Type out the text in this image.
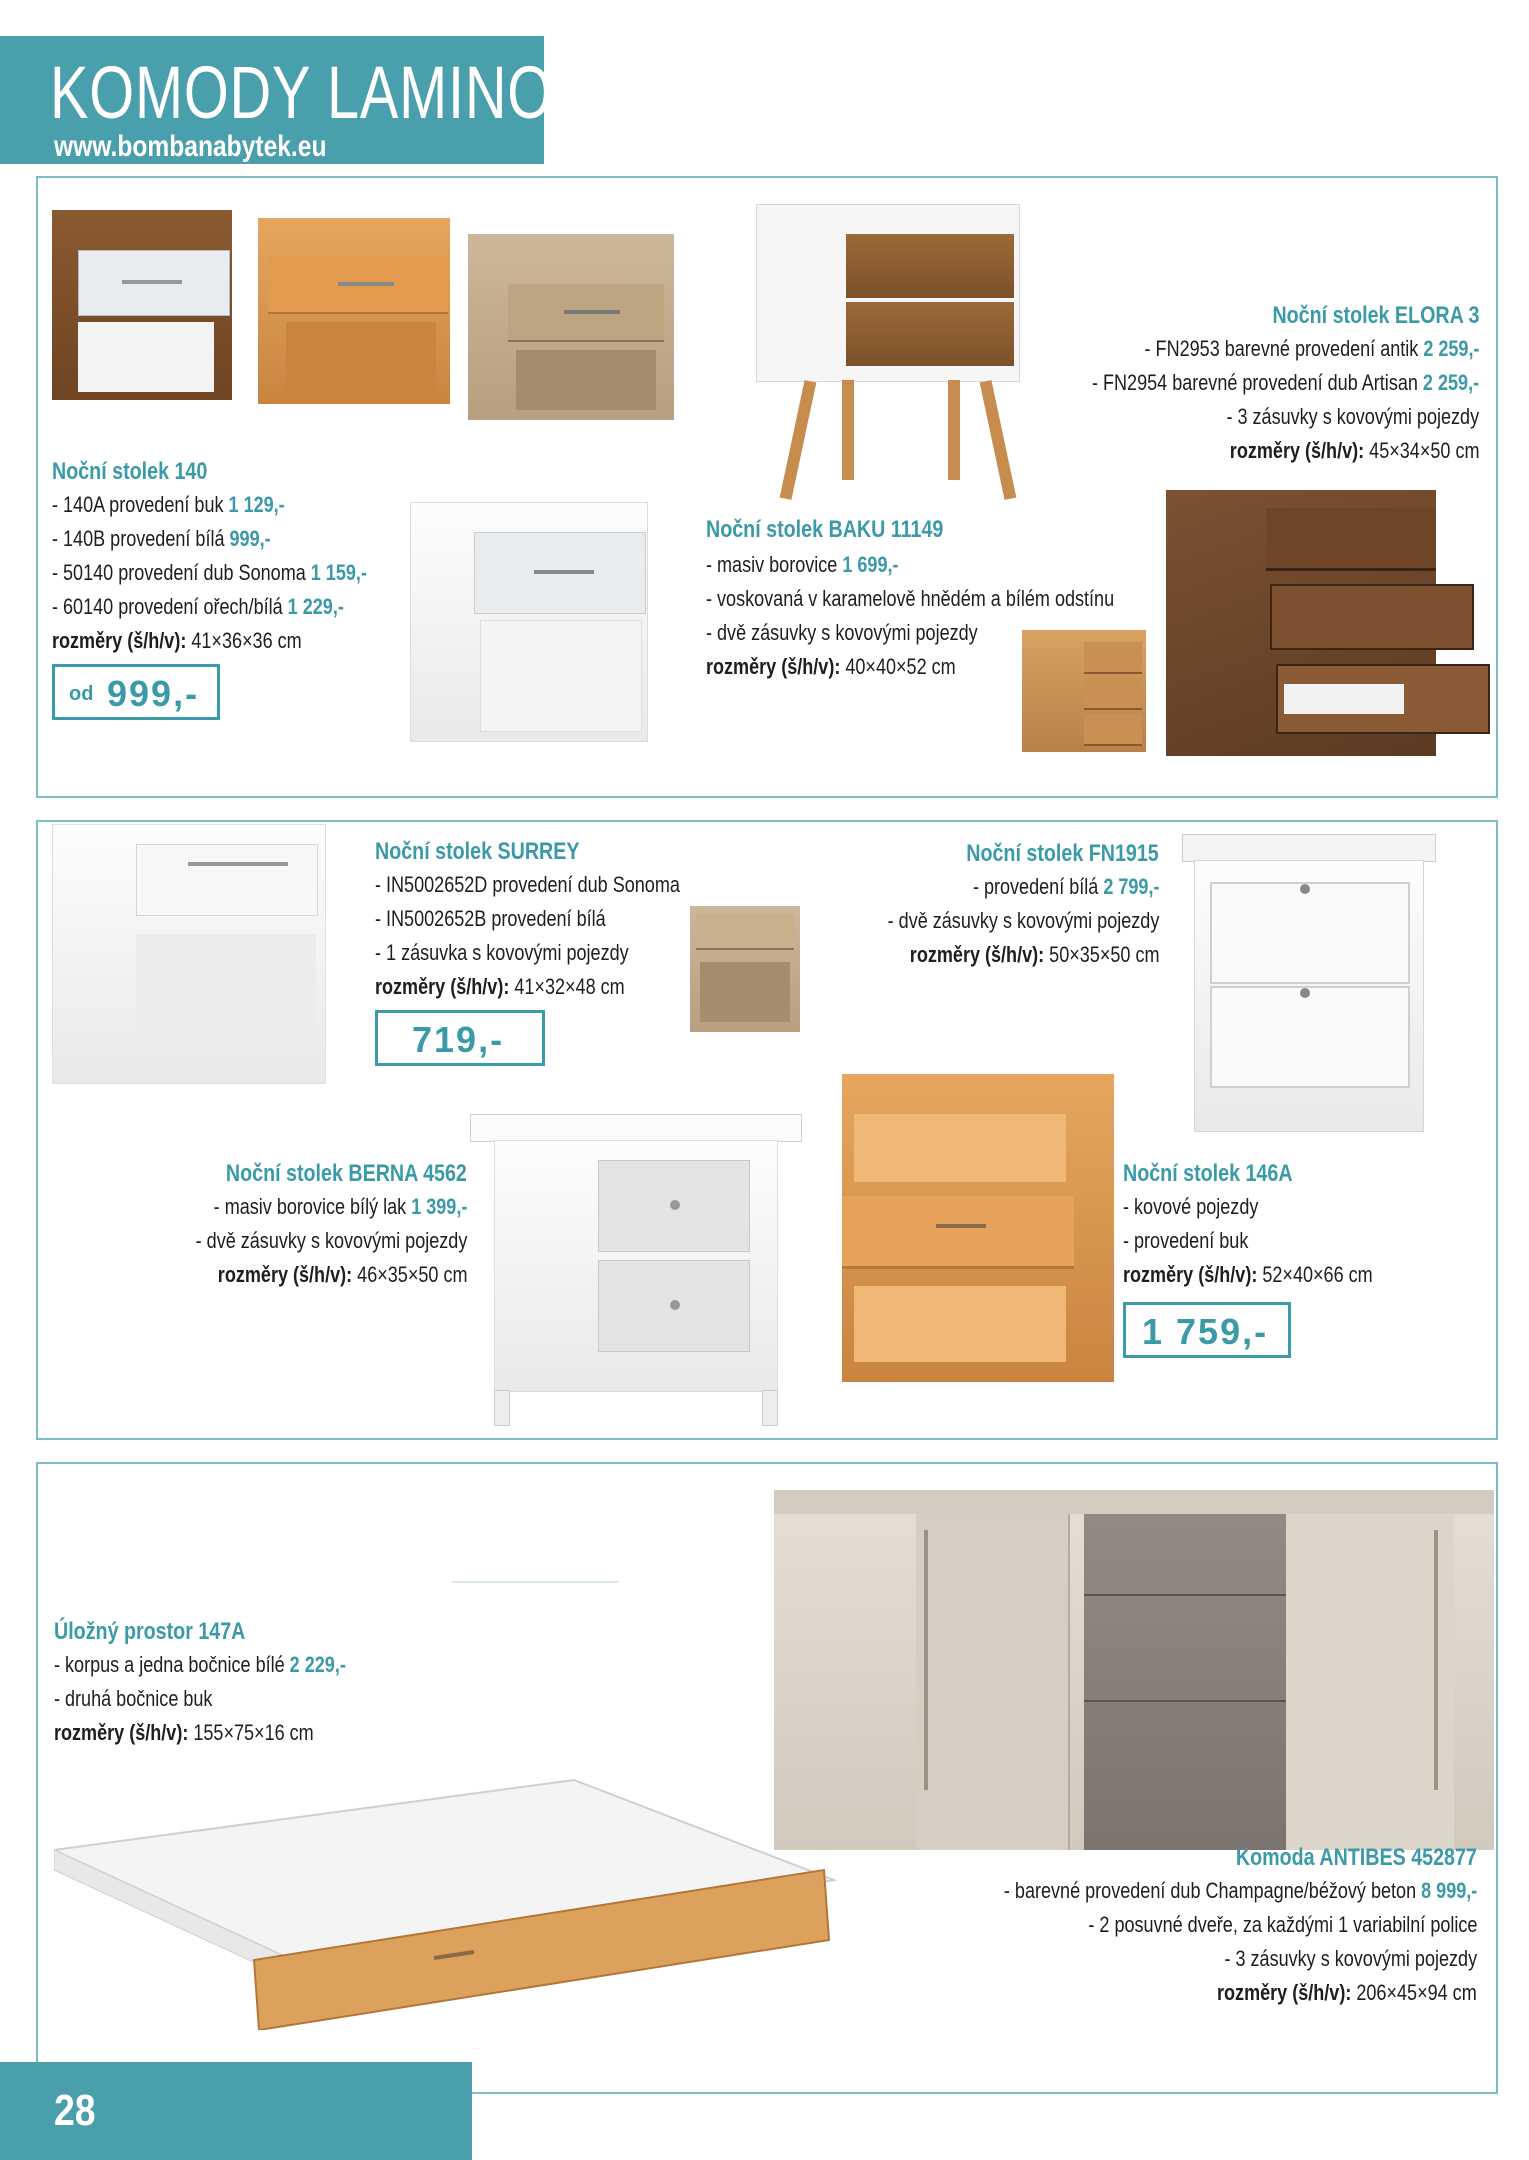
KOMODY LAMINO
www.bombanabytek.eu
Noční stolek 140
- 140A provedení buk 1 129,-
- 140B provedení bílá 999,-
- 50140 provedení dub Sonoma 1 159,-
- 60140 provedení ořech/bílá 1 229,-
rozměry (š/h/v): 41×36×36 cm
od 999,-
Noční stolek BAKU 11149
- masiv borovice 1 699,-
- voskovaná v karamelově hnědém a bílém odstínu
- dvě zásuvky s kovovými pojezdy
rozměry (š/h/v): 40×40×52 cm
Noční stolek ELORA 3
- FN2953 barevné provedení antik 2 259,-
- FN2954 barevné provedení dub Artisan 2 259,-
- 3 zásuvky s kovovými pojezdy
rozměry (š/h/v): 45×34×50 cm
Noční stolek SURREY
- IN5002652D provedení dub Sonoma
- IN5002652B provedení bílá
- 1 zásuvka s kovovými pojezdy
rozměry (š/h/v): 41×32×48 cm
719,-
Noční stolek FN1915
- provedení bílá 2 799,-
- dvě zásuvky s kovovými pojezdy
rozměry (š/h/v): 50×35×50 cm
Noční stolek BERNA 4562
- masiv borovice bílý lak 1 399,-
- dvě zásuvky s kovovými pojezdy
rozměry (š/h/v): 46×35×50 cm
Noční stolek 146A
- kovové pojezdy
- provedení buk
rozměry (š/h/v): 52×40×66 cm
1 759,-
Úložný prostor 147A
- korpus a jedna bočnice bílé 2 229,-
- druhá bočnice buk
rozměry (š/h/v): 155×75×16 cm
Komoda ANTIBES 452877
- barevné provedení dub Champagne/béžový beton 8 999,-
- 2 posuvné dveře, za každými 1 variabilní police
- 3 zásuvky s kovovými pojezdy
rozměry (š/h/v): 206×45×94 cm
28
